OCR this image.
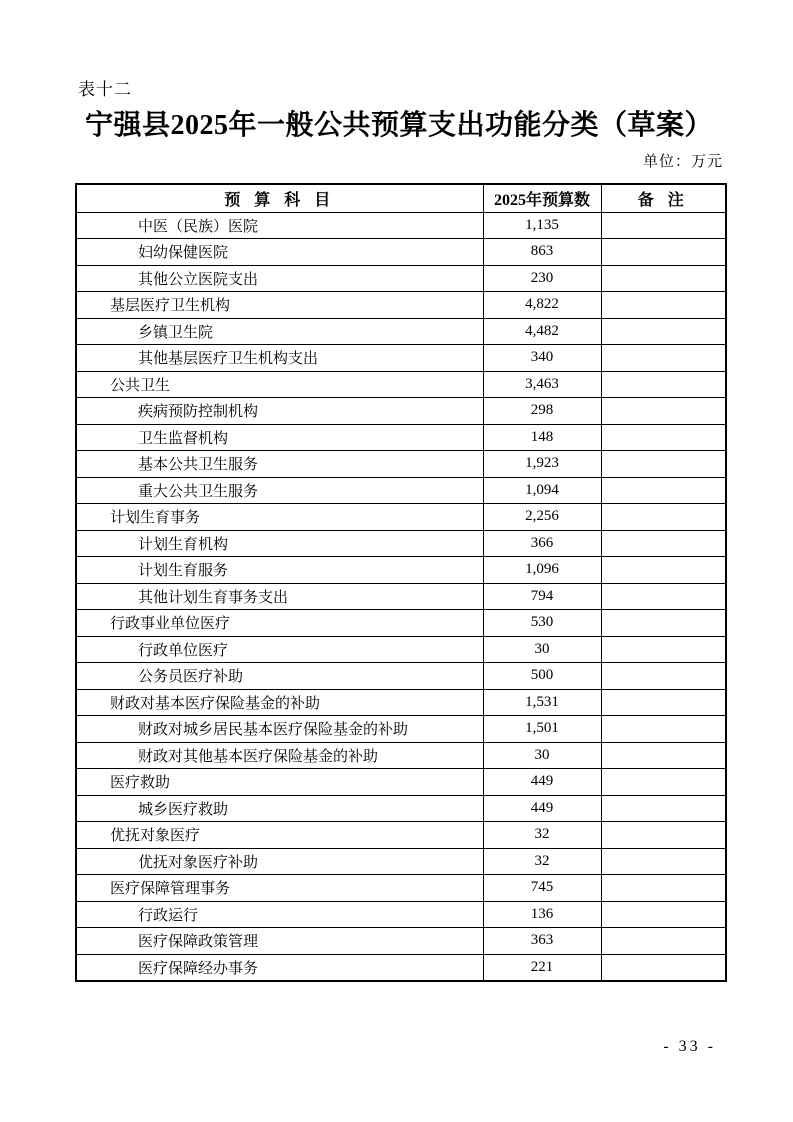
表十二
宁强县2025年一般公共预算支出功能分类（草案）
单位：万元
预 算 科 目	2025年预算数	备 注
中医（民族）医院	1,135	
妇幼保健医院	863	
其他公立医院支出	230	
基层医疗卫生机构	4,822	
乡镇卫生院	4,482	
其他基层医疗卫生机构支出	340	
公共卫生	3,463	
疾病预防控制机构	298	
卫生监督机构	148	
基本公共卫生服务	1,923	
重大公共卫生服务	1,094	
计划生育事务	2,256	
计划生育机构	366	
计划生育服务	1,096	
其他计划生育事务支出	794	
行政事业单位医疗	530	
行政单位医疗	30	
公务员医疗补助	500	
财政对基本医疗保险基金的补助	1,531	
财政对城乡居民基本医疗保险基金的补助	1,501	
财政对其他基本医疗保险基金的补助	30	
医疗救助	449	
城乡医疗救助	449	
优抚对象医疗	32	
优抚对象医疗补助	32	
医疗保障管理事务	745	
行政运行	136	
医疗保障政策管理	363	
医疗保障经办事务	221	
- 33 -
